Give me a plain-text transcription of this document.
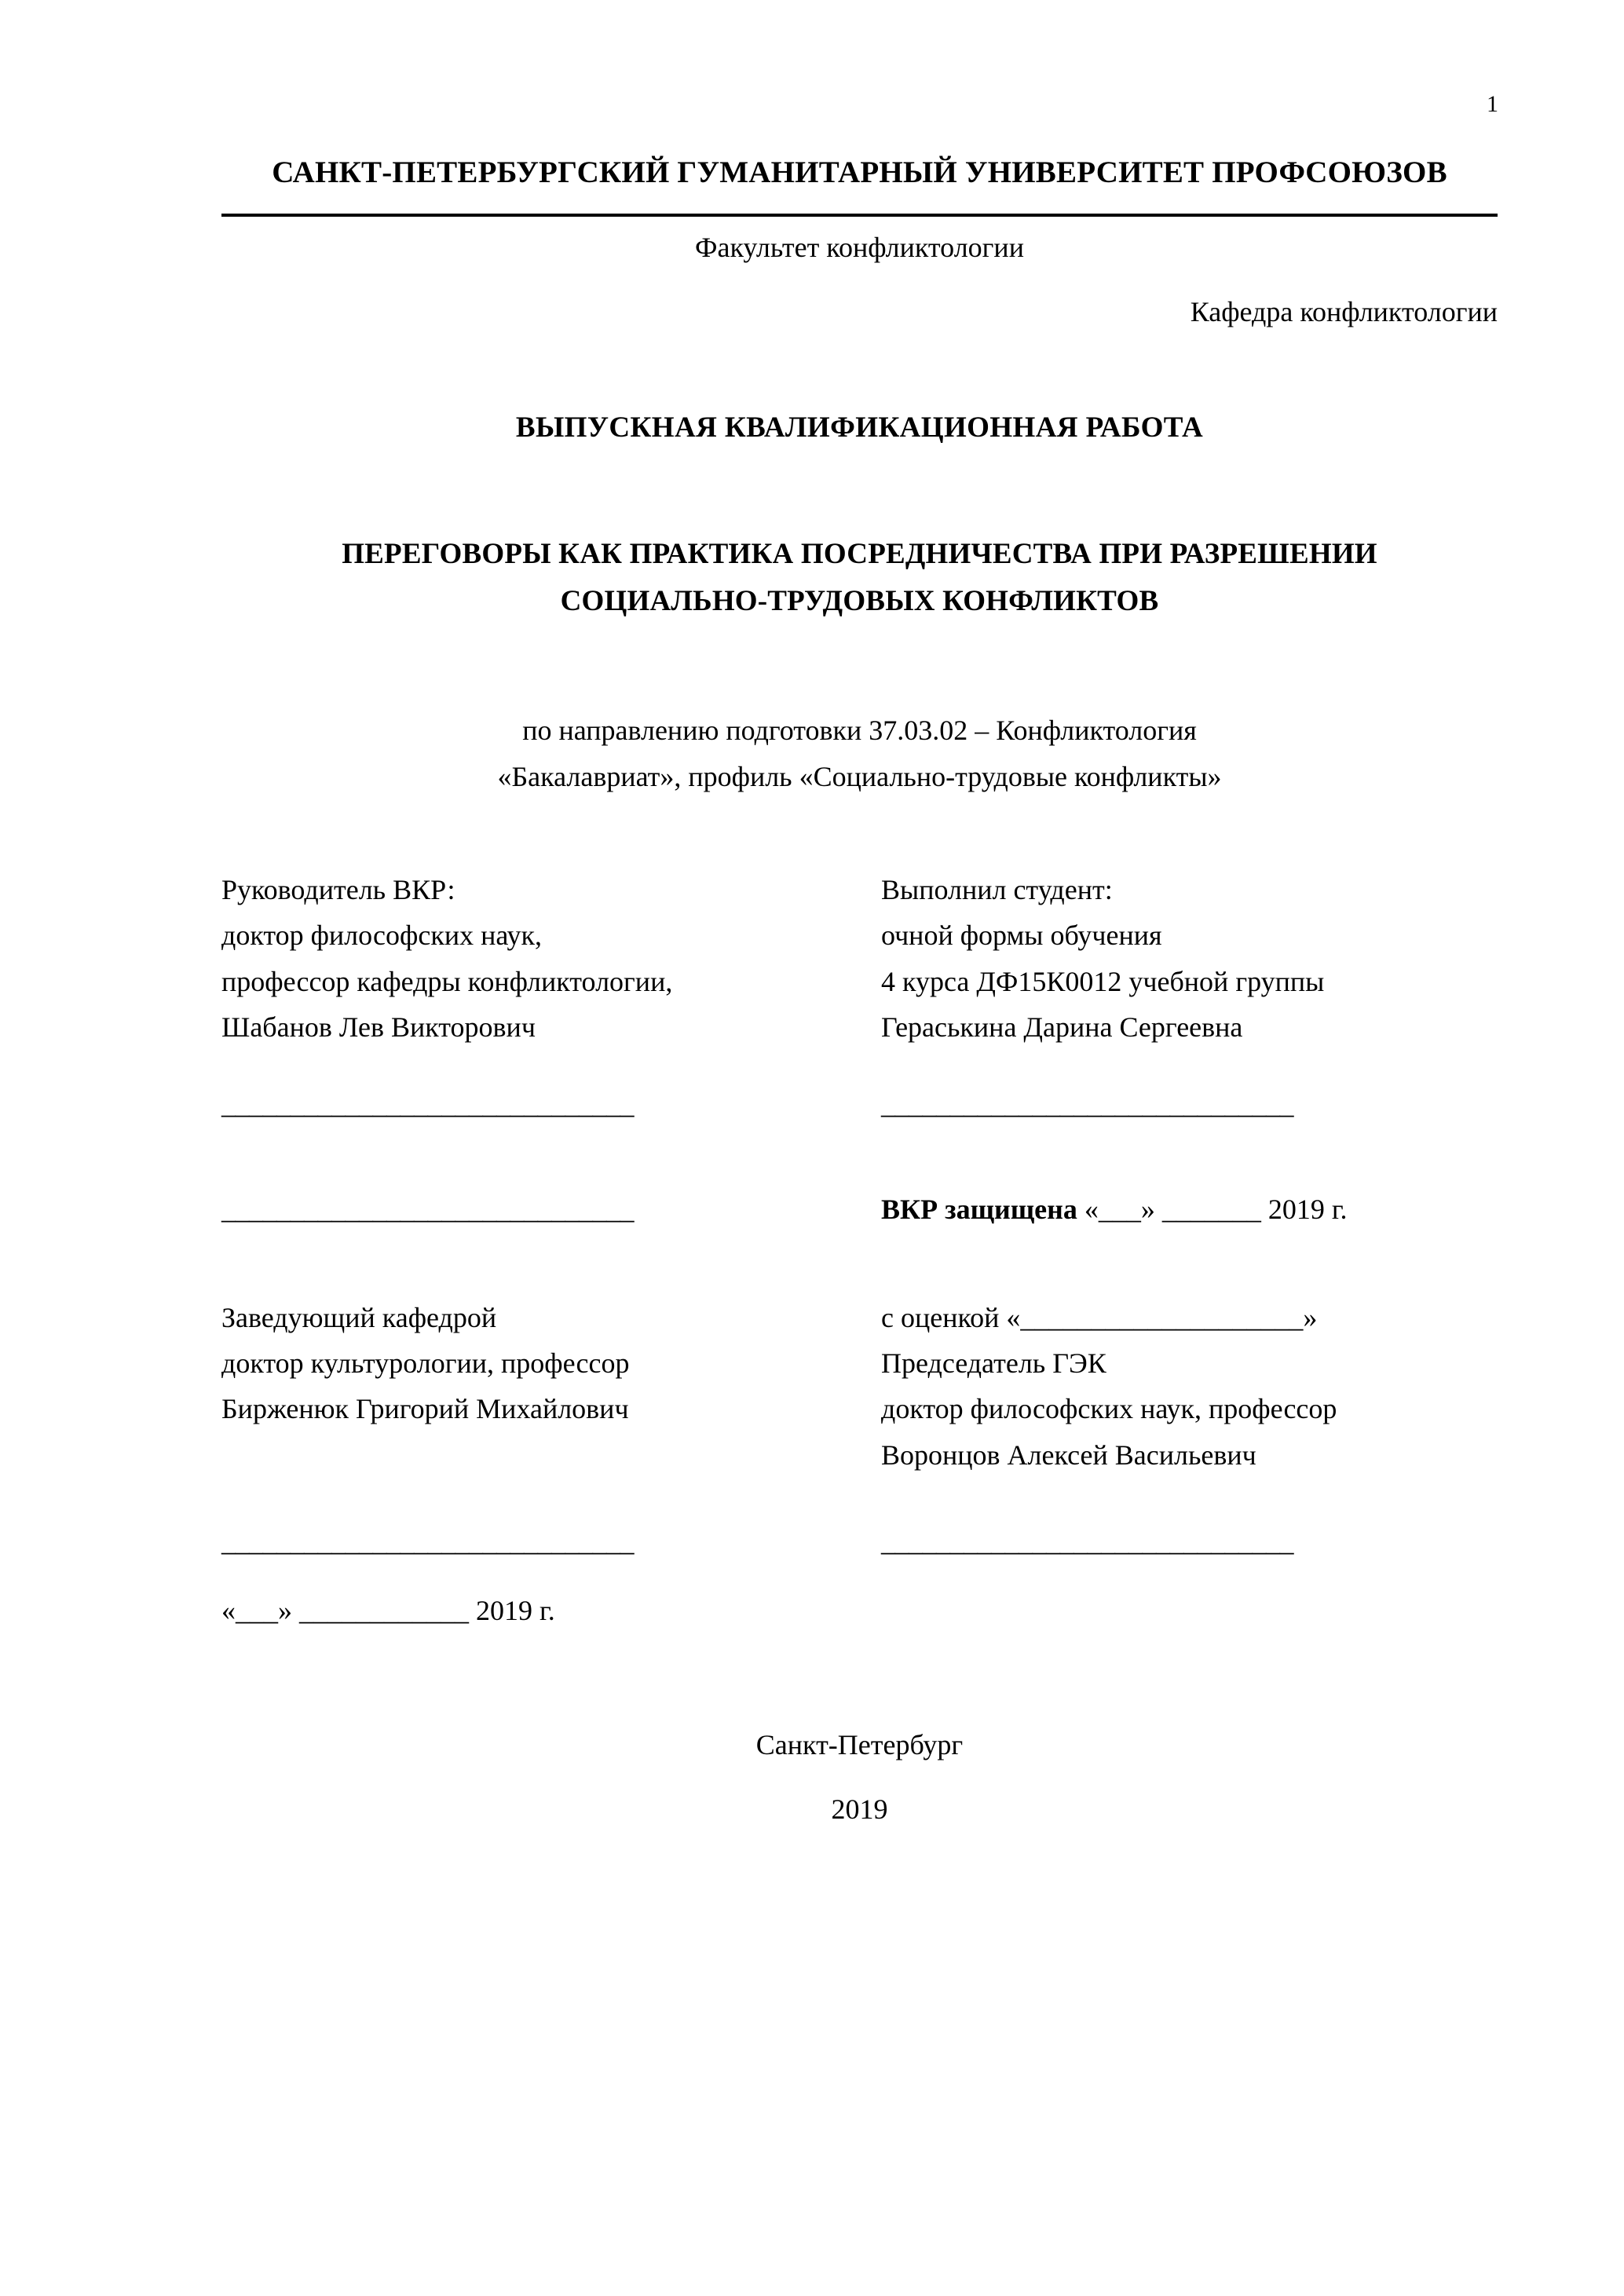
1
САНКТ-ПЕТЕРБУРГСКИЙ ГУМАНИТАРНЫЙ УНИВЕРСИТЕТ ПРОФСОЮЗОВ
Факультет конфликтологии
Кафедра конфликтологии
ВЫПУСКНАЯ КВАЛИФИКАЦИОННАЯ РАБОТА
ПЕРЕГОВОРЫ КАК ПРАКТИКА ПОСРЕДНИЧЕСТВА ПРИ РАЗРЕШЕНИИ СОЦИАЛЬНО-ТРУДОВЫХ КОНФЛИКТОВ
по направлению подготовки 37.03.02 – Конфликтология
«Бакалавриат», профиль «Социально-трудовые конфликты»
Руководитель ВКР:
доктор философских наук,
профессор кафедры конфликтологии,
Шабанов Лев Викторович
______________________________
Выполнил студент:
очной формы обучения
4 курса ДФ15К0012 учебной группы
Гераськина Дарина Сергеевна
______________________________
______________________________	ВКР защищена «___» _______ 2019 г.
Заведующий кафедрой
доктор культурологии, профессор
Бирженюк Григорий Михайлович
с оценкой «____________________»
Председатель ГЭК
доктор философских наук, профессор
Воронцов Алексей Васильевич
______________________________
«___» ____________ 2019 г.
______________________________
Санкт-Петербург
2019
